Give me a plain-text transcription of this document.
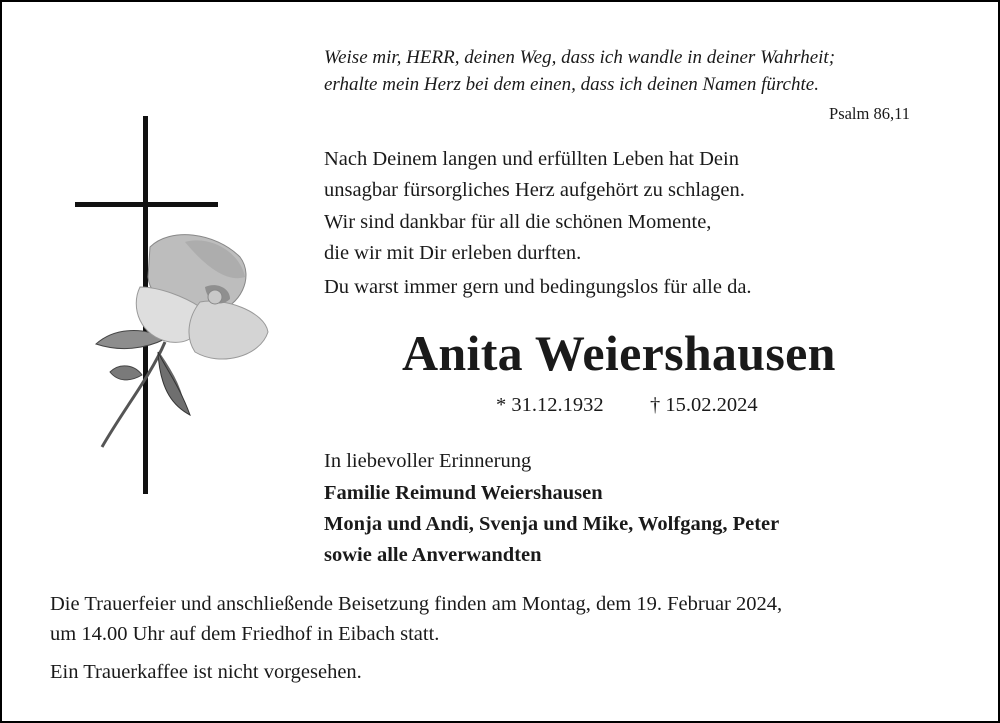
Weise mir, HERR, deinen Weg, dass ich wandle in deiner Wahrheit;
erhalte mein Herz bei dem einen, dass ich deinen Namen fürchte.
Psalm 86,11
Nach Deinem langen und erfüllten Leben hat Dein
unsagbar fürsorgliches Herz aufgehört zu schlagen.
Wir sind dankbar für all die schönen Momente,
die wir mit Dir erleben durften.
Du warst immer gern und bedingungslos für alle da.
Anita Weiershausen
* 31.12.1932 † 15.02.2024
In liebevoller Erinnerung
Familie Reimund Weiershausen
Monja und Andi, Svenja und Mike, Wolfgang, Peter
sowie alle Anverwandten
Die Trauerfeier und anschließende Beisetzung finden am Montag, dem 19. Februar 2024,
um 14.00 Uhr auf dem Friedhof in Eibach statt.
Ein Trauerkaffee ist nicht vorgesehen.
